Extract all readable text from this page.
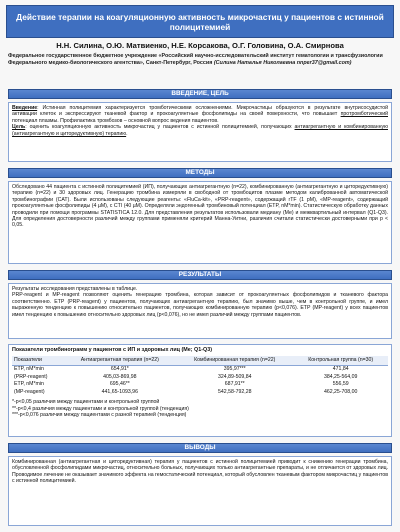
Действие терапии на коагуляционную активность микрочастиц у пациентов с истинной полицитемией
Н.Н. Силина, О.Ю. Матвиенко, Н.Е. Корсакова, О.Г. Головина, О.А. Смирнова
Федеральное государственное бюджетное учреждение «Российский научно-исследовательский институт гематологии и трансфузиологии Федерального медико-биологического агентства», Санкт-Петербург, Россия (Силина Наталья Николаевна nnper37@gmail.com)
ВВЕДЕНИЕ, ЦЕЛЬ
Введение: Истинная полицитемия характеризуется тромботическими осложнениями. Микрочастицы образуются в результате внутрисосудистой активации клеток и экспрессируют тканевой фактор и прокоагулянтные фосфолипиды на своей поверхности, что повышает протромботический потенциал плазмы. Профилактика тромбозов – основной вопрос ведения пациентов.
Цель: оценить коагуляционную активность микрочастиц у пациентов с истинной полицитемией, получающих антиагрегантную и комбинированную (антиагрегантную и циторедуктивную) терапию.
МЕТОДЫ
Обследовано 44 пациента с истинной полицитемией (ИП), получающих антиагрегантную (n=22), комбинированную (антиагрегантную и циторедуктивную) терапию (n=22) и 30 здоровых лиц. Генерацию тромбина измеряли в свободной от тромбоцитов плазме методом калиброванной автоматической тромбинографии (CAT). Были использованы следующие реагенты: «FluCa-kit», «PRP-reagent», содержащий rTF (1 pM), «MP-reagent», содержащий прокоагулянтные фосфолипиды (4 µM), с CTI (40 µM). Определяли эндогенный тромбиновый потенциал (ETP, nM*min). Статистическую обработку данных проводили при помощи программы STATISTICA 12.0. Для представления результатов использовали медиану (Me) и межквартильный интервал (Q1-Q3). Для определения достоверности различий между группами применяли критерий Манна-Уитни, различия считали статистически достоверными при p < 0,05.
РЕЗУЛЬТАТЫ
Результаты исследования представлены в таблице.
PRP-reagent и MP-reagent позволяют оценить генерацию тромбина, которая зависит от прокоагулянтных фосфолипидов и тканевого фактора соответственно. ETP (PRP-reagent) у пациентов, получающих антиагрегантную терапию, был значимо выше, чем в контрольной группе, и имел выраженную тенденцию к повышению относительно пациентов, получающих комбинированную терапию (p<0,076). ETP (MP-reagent) у всех пациентов имел тенденцию к повышению относительно здоровых лиц (p<0,076), но не имел различий между группами пациентов.
Показатели тромбинограмм у пациентов с ИП и здоровых лиц (Me; Q1-Q3)
Показатели	Антиагрегантная терапия (n=22)	Комбинированная терапия (n=22)	Контрольная группа (n=30)
ETP, nM*min	654,91*	395,97***	471,84
(PRP-reagent)	405,03-869,98	324,89-509,84	384,25-564,09
ETP, nM*min	695,46**	687,91**	556,59
(MP-reagent)	441,65-1093,96	542,58-792,28	462,25-708,00
*-p<0,05 различия между пациентами и контрольной группой
**-p<0,4 различия между пациентами и контрольной группой (тенденция)
***-p<0,076 различия между пациентами с разной терапией (тенденция)
ВЫВОДЫ
Комбинированная (антиагрегантная и циторедуктивная) терапия у пациентов с истинной полицитемией приводит к снижению генерации тромбина, обусловленной фосфолипидами микрочастиц, относительно больных, получающих только антиагрегантные препараты, и не отличается от здоровых лиц. Проводимое лечение не оказывает значимого эффекта на гемостатический потенциал, который обусловлен тканевым фактором микрочастиц у пациентов с истинной полицитемией.
